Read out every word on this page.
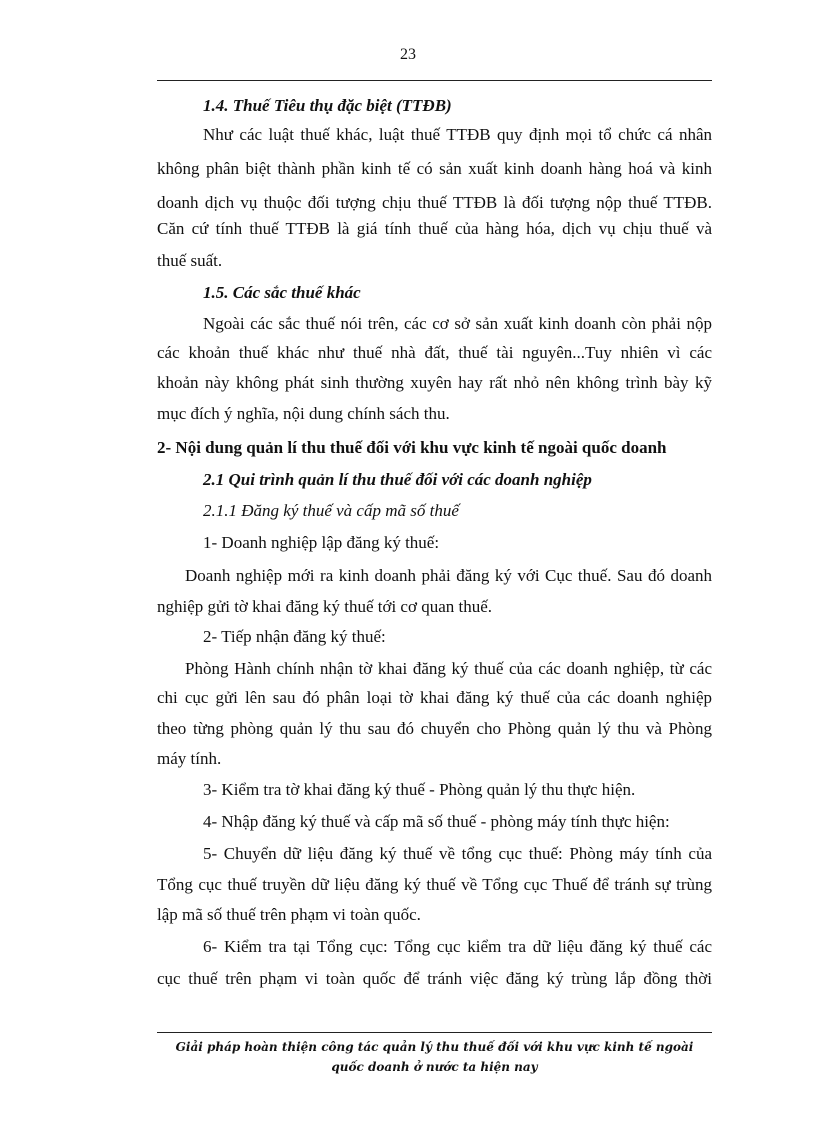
23
1.4. Thuế Tiêu thụ đặc biệt (TTĐB)
Như các luật thuế khác, luật thuế TTĐB quy định mọi tổ chức cá nhân
không phân biệt thành phần kinh tế có sản xuất kinh doanh hàng hoá và kinh
doanh dịch vụ thuộc đối tượng chịu thuế TTĐB là đối tượng nộp thuế TTĐB.
Căn cứ tính thuế TTĐB là giá tính thuế của hàng hóa, dịch vụ chịu thuế và
thuế suất.
1.5. Các sắc thuế khác
Ngoài các sắc thuế nói trên, các cơ sở sản xuất kinh doanh còn phải nộp
các khoản thuế khác như thuế nhà đất, thuế tài nguyên...Tuy nhiên vì các
khoản này không phát sinh thường xuyên hay rất nhỏ nên không trình bày kỹ
mục đích ý nghĩa, nội dung chính sách thu.
2- Nội dung quản lí thu thuế đối với khu vực kinh tế ngoài quốc doanh
2.1 Qui trình quản lí thu thuế đối với các doanh nghiệp
2.1.1 Đăng ký thuế và cấp mã số thuế
1- Doanh nghiệp lập đăng ký thuế:
Doanh nghiệp mới ra kinh doanh phải đăng ký với Cục thuế. Sau đó doanh
nghiệp gửi tờ khai đăng ký thuế tới cơ quan thuế.
2- Tiếp nhận đăng ký thuế:
Phòng Hành chính nhận tờ khai đăng ký thuế của các doanh nghiệp, từ các
chi cục gửi lên sau đó phân loại tờ khai đăng ký thuế của các doanh nghiệp
theo từng phòng quản lý thu sau đó chuyển cho Phòng quản lý thu và Phòng
máy tính.
3- Kiểm tra tờ khai đăng ký thuế - Phòng quản lý thu thực hiện.
4- Nhập đăng ký thuế và cấp mã số thuế - phòng máy tính thực hiện:
5- Chuyển dữ liệu đăng ký thuế về tổng cục thuế: Phòng máy tính của
Tổng cục thuế truyền dữ liệu đăng ký thuế về Tổng cục Thuế để tránh sự trùng
lập mã số thuế trên phạm vi toàn quốc.
6- Kiểm tra tại Tổng cục: Tổng cục kiểm tra dữ liệu đăng ký thuế các
cục thuế trên phạm vi toàn quốc để tránh việc đăng ký trùng lắp đồng thời
Giải pháp hoàn thiện công tác quản lý thu thuế đối với khu vực kinh tế ngoài
quốc doanh ở nước ta hiện nay
